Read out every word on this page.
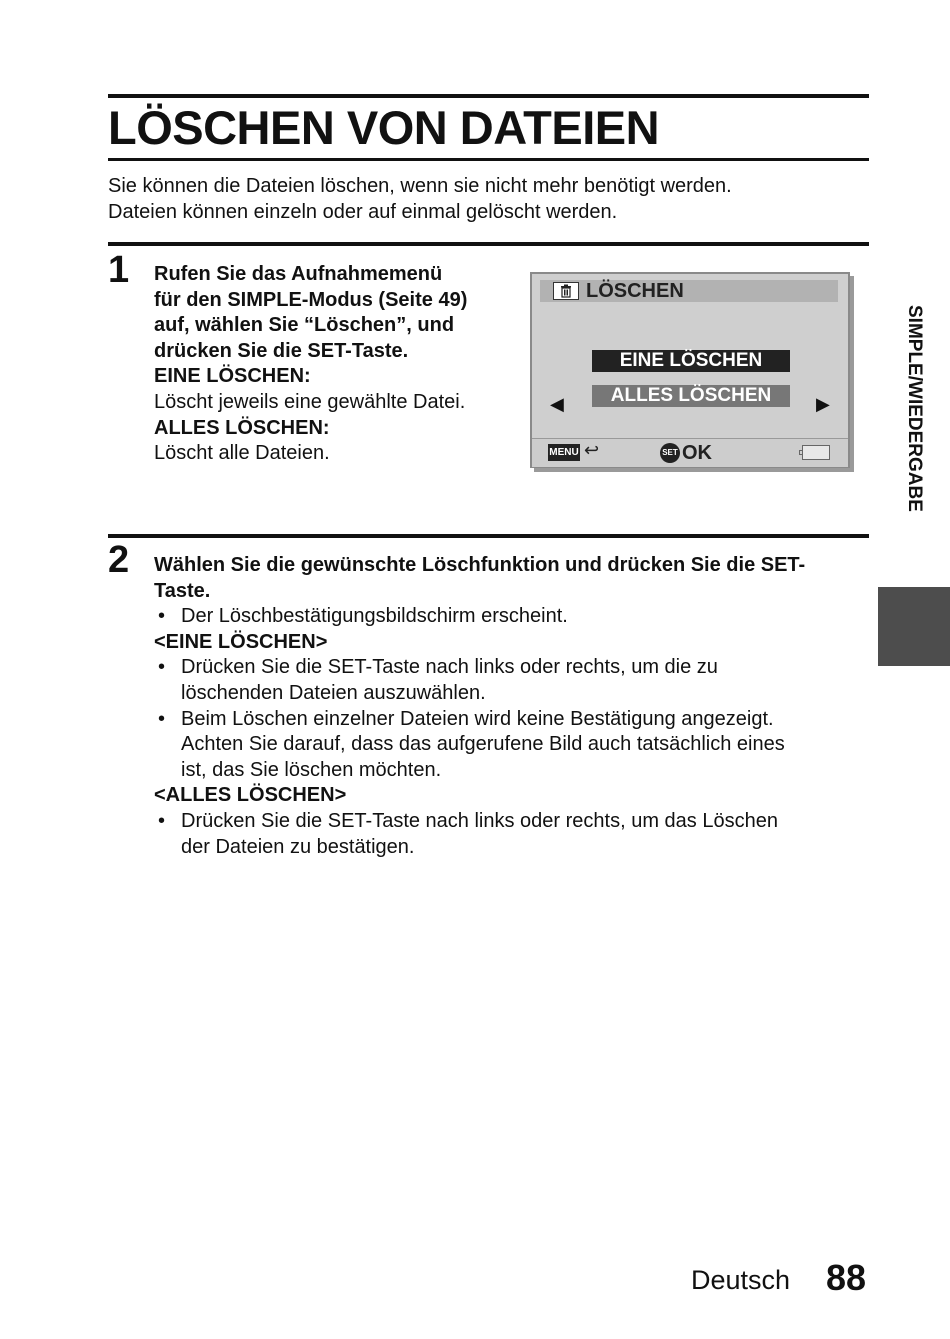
LÖSCHEN VON DATEIEN
Sie können die Dateien löschen, wenn sie nicht mehr benötigt werden.
Dateien können einzeln oder auf einmal gelöscht werden.
1 Rufen Sie das Aufnahmemenü
für den SIMPLE-Modus (Seite 49)
auf, wählen Sie “Löschen”, und
drücken Sie die SET-Taste.
EINE LÖSCHEN:
Löscht jeweils eine gewählte Datei.
ALLES LÖSCHEN:
Löscht alle Dateien.
LÖSCHEN
EINE LÖSCHEN
ALLES LÖSCHEN
◀	▶
MENU ↩	SET OK
2 Wählen Sie die gewünschte Löschfunktion und drücken Sie die SET-
Taste.
• Der Löschbestätigungsbildschirm erscheint.
<EINE LÖSCHEN>
• Drücken Sie die SET-Taste nach links oder rechts, um die zu
löschenden Dateien auszuwählen.
• Beim Löschen einzelner Dateien wird keine Bestätigung angezeigt.
Achten Sie darauf, dass das aufgerufene Bild auch tatsächlich eines
ist, das Sie löschen möchten.
<ALLES LÖSCHEN>
• Drücken Sie die SET-Taste nach links oder rechts, um das Löschen
der Dateien zu bestätigen.
SIMPLE/WIEDERGABE
Deutsch 88
